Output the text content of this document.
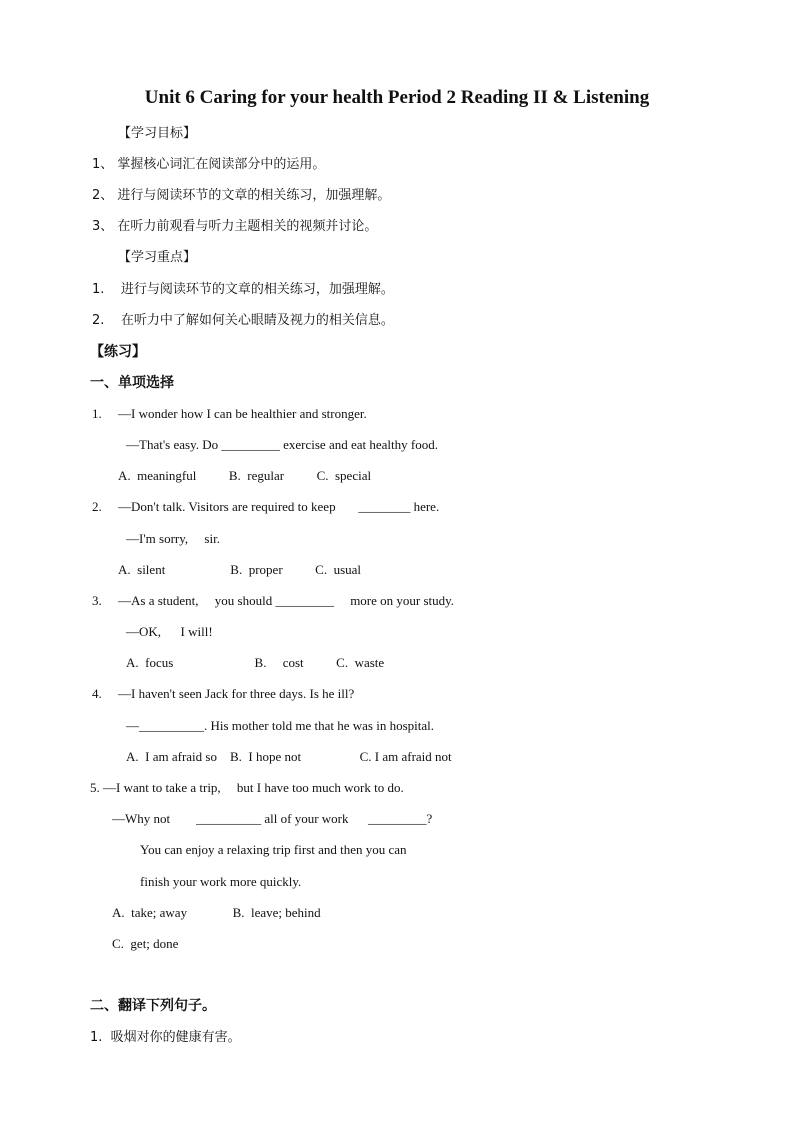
Unit 6 Caring for your health Period 2 Reading II & Listening
【学习目标】
1、 掌握核心词汇在阅读部分中的运用。
2、 进行与阅读环节的文章的相关练习，加强理解。
3、 在听力前观看与听力主题相关的视频并讨论。
【学习重点】
1.    进行与阅读环节的文章的相关练习，加强理解。
2.    在听力中了解如何关心眼睛及视力的相关信息。
【练习】
一、单项选择
1.     —I wonder how I can be healthier and stronger.
—That's easy. Do _________ exercise and eat healthy food.
A.  meaningful          B.  regular          C.  special
2.     —Don't talk. Visitors are required to keep       ________ here.
—I'm sorry,     sir.
A.  silent                    B.  proper          C.  usual
3.     —As a student,     you should _________     more on your study.
—OK,      I will!
A.  focus                         B.     cost          C.  waste
4.     —I haven't seen Jack for three days. Is he ill?
—__________. His mother told me that he was in hospital.
A.  I am afraid so    B.  I hope not                  C. I am afraid not
5. —I want to take a trip,     but I have too much work to do.
—Why not        __________ all of your work      _________?
You can enjoy a relaxing trip first and then you can
finish your work more quickly.
A.  take; away              B.  leave; behind
C.  get; done
二、翻译下列句子。
1.  吸烟对你的健康有害。
